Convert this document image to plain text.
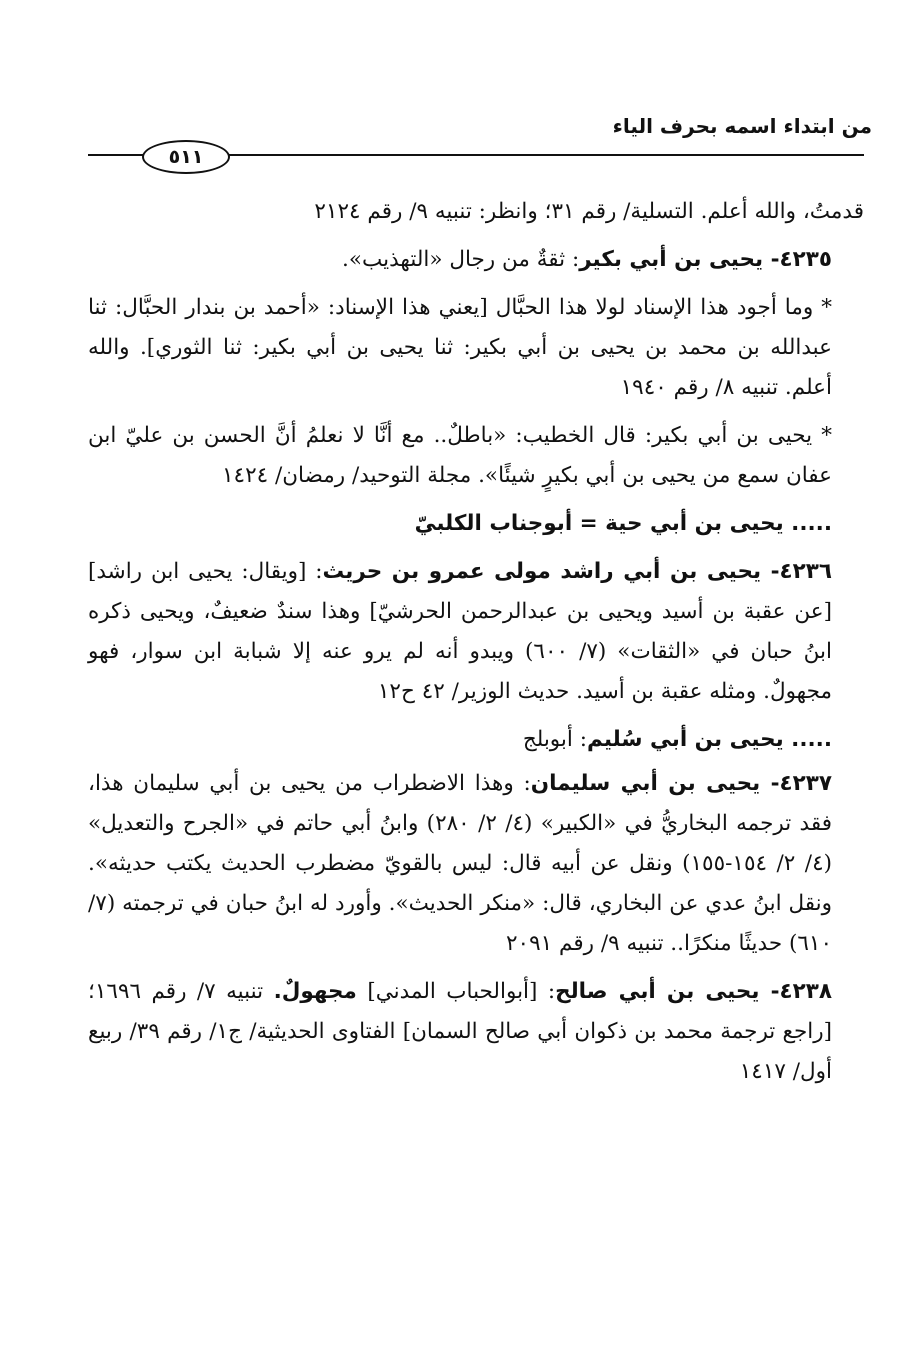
من ابتداء اسمه بحرف الياء
٥١١

قدمتُ، والله أعلم. التسلية/ رقم ٣١؛ وانظر: تنبيه ٩/ رقم ٢١٢٤

٤٢٣٥- يحيى بن أبي بكير: ثقةٌ من رجال «التهذيب».

* وما أجود هذا الإسناد لولا هذا الحبَّال [يعني هذا الإسناد: «أحمد بن بندار الحبَّال: ثنا عبدالله بن محمد بن يحيى بن أبي بكير: ثنا يحيى بن أبي بكير: ثنا الثوري]. والله أعلم. تنبيه ٨/ رقم ١٩٤٠

* يحيى بن أبي بكير: قال الخطيب: «باطلٌ.. مع أنَّا لا نعلمُ أنَّ الحسن بن عليّ ابن عفان سمع من يحيى بن أبي بكيرٍ شيئًا». مجلة التوحيد/ رمضان/ ١٤٢٤

..... يحيى بن أبي حية = أبوجناب الكلبيّ

٤٢٣٦- يحيى بن أبي راشد مولى عمرو بن حريث: [ويقال: يحيى ابن راشد] [عن عقبة بن أسيد ويحيى بن عبدالرحمن الحرشيّ] وهذا سندٌ ضعيفٌ، ويحيى ذكره ابنُ حبان في «الثقات» (٧/ ٦٠٠) ويبدو أنه لم يرو عنه إلا شبابة ابن سوار، فهو مجهولٌ. ومثله عقبة بن أسيد. حديث الوزير/ ٤٢ ح١٢

..... يحيى بن أبي سُليم: أبوبلج

٤٢٣٧- يحيى بن أبي سليمان: وهذا الاضطراب من يحيى بن أبي سليمان هذا، فقد ترجمه البخاريُّ في «الكبير» (٤/ ٢/ ٢٨٠) وابنُ أبي حاتم في «الجرح والتعديل» (٤/ ٢/ ١٥٤-١٥٥) ونقل عن أبيه قال: ليس بالقويّ مضطرب الحديث يكتب حديثه». ونقل ابنُ عدي عن البخاري، قال: «منكر الحديث». وأورد له ابنُ حبان في ترجمته (٧/ ٦١٠) حديثًا منكرًا.. تنبيه ٩/ رقم ٢٠٩١

٤٢٣٨- يحيى بن أبي صالح: [أبوالحباب المدني] مجهولٌ. تنبيه ٧/ رقم ١٦٩٦؛ [راجع ترجمة محمد بن ذكوان أبي صالح السمان] الفتاوى الحديثية/ ج١/ رقم ٣٩/ ربيع أول/ ١٤١٧
